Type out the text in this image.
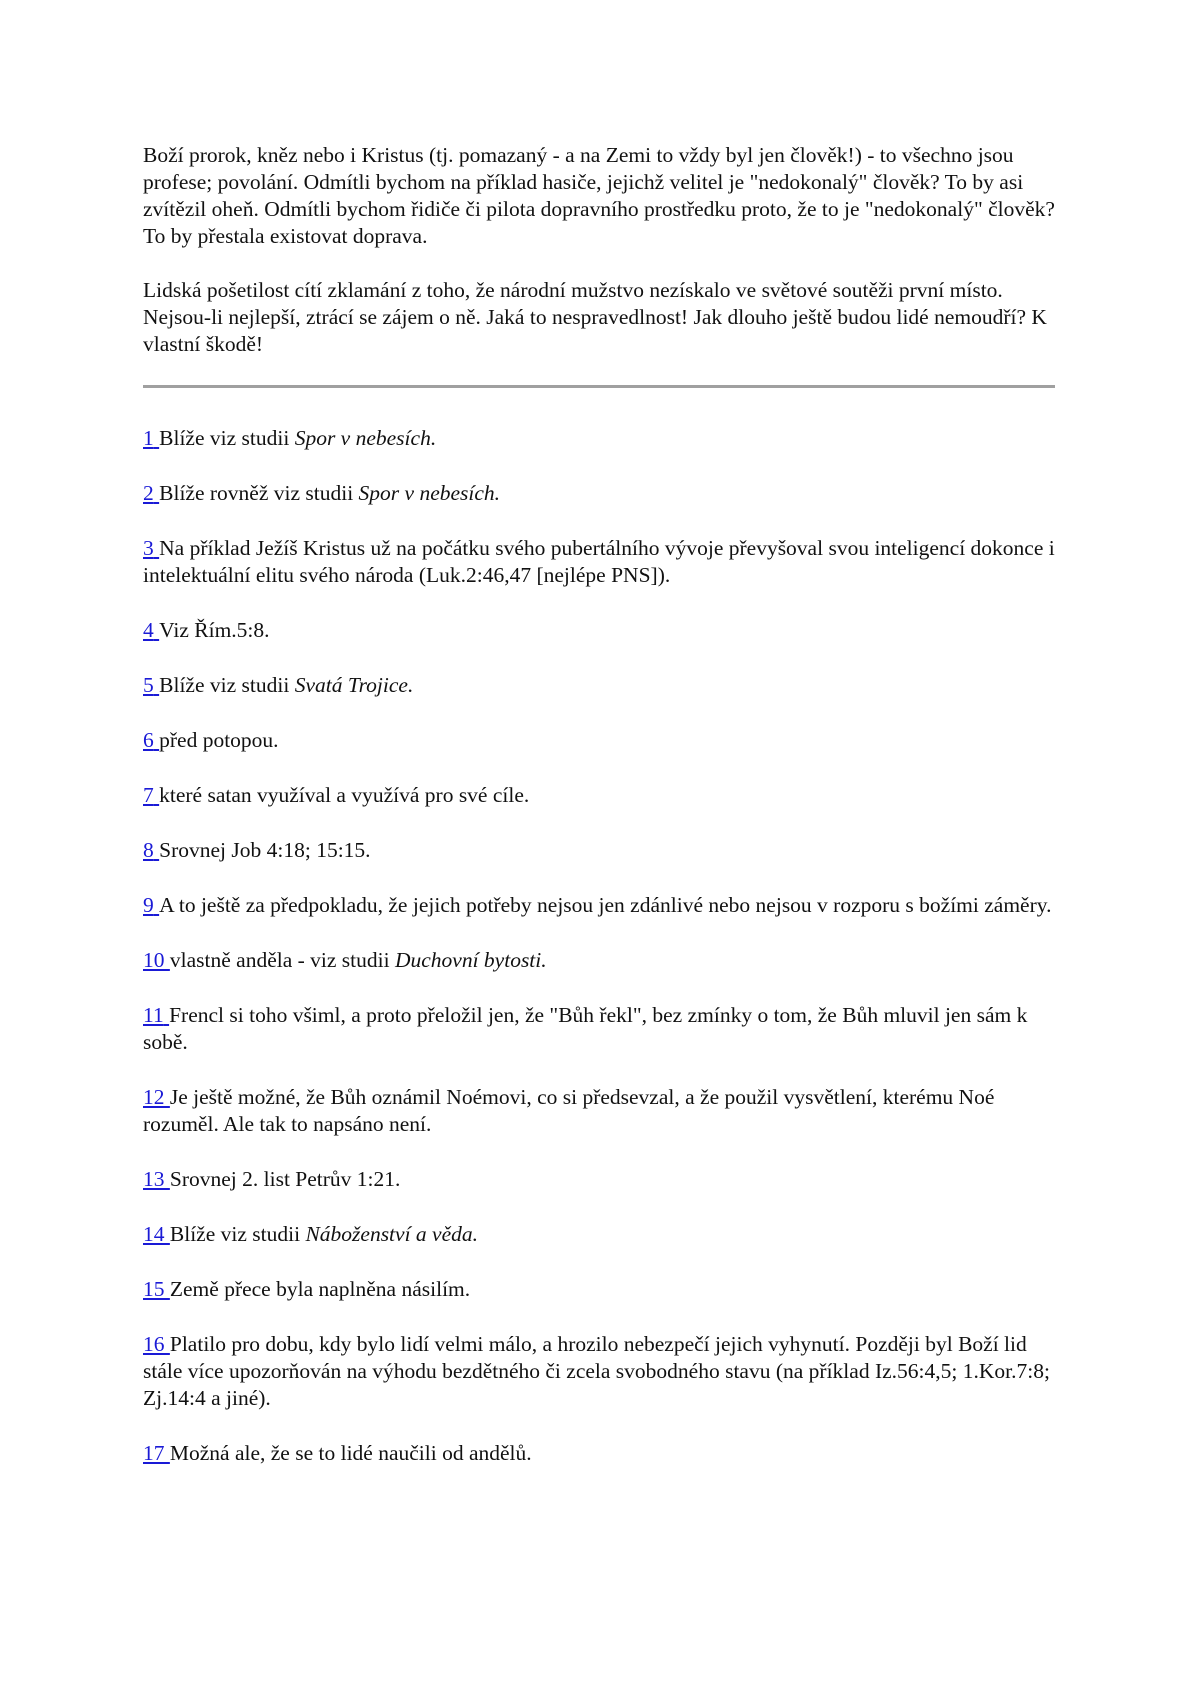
Boží prorok, kněz nebo i Kristus (tj. pomazaný - a na Zemi to vždy byl jen člověk!) - to všechno jsou profese; povolání. Odmítli bychom na příklad hasiče, jejichž velitel je "nedokonalý" člověk? To by asi zvítězil oheň. Odmítli bychom řidiče či pilota dopravního prostředku proto, že to je "nedokonalý" člověk? To by přestala existovat doprava.

Lidská pošetilost cítí zklamání z toho, že národní mužstvo nezískalo ve světové soutěži první místo. Nejsou-li nejlepší, ztrácí se zájem o ně. Jaká to nespravedlnost! Jak dlouho ještě budou lidé nemoudří? K vlastní škodě!

1 Blíže viz studii Spor v nebesích.

2 Blíže rovněž viz studii Spor v nebesích.

3 Na příklad Ježíš Kristus už na počátku svého pubertálního vývoje převyšoval svou inteligencí dokonce i intelektuální elitu svého národa (Luk.2:46,47 [nejlépe PNS]).

4 Viz Řím.5:8.

5 Blíže viz studii Svatá Trojice.

6 před potopou.

7 které satan využíval a využívá pro své cíle.

8 Srovnej Job 4:18; 15:15.

9 A to ještě za předpokladu, že jejich potřeby nejsou jen zdánlivé nebo nejsou v rozporu s božími záměry.

10 vlastně anděla - viz studii Duchovní bytosti.

11 Frencl si toho všiml, a proto přeložil jen, že "Bůh řekl", bez zmínky o tom, že Bůh mluvil jen sám k sobě.

12 Je ještě možné, že Bůh oznámil Noémovi, co si předsevzal, a že použil vysvětlení, kterému Noé rozuměl. Ale tak to napsáno není.

13 Srovnej 2. list Petrův 1:21.

14 Blíže viz studii Náboženství a věda.

15 Země přece byla naplněna násilím.

16 Platilo pro dobu, kdy bylo lidí velmi málo, a hrozilo nebezpečí jejich vyhynutí. Později byl Boží lid stále více upozorňován na výhodu bezdětného či zcela svobodného stavu (na příklad Iz.56:4,5; 1.Kor.7:8; Zj.14:4 a jiné).

17 Možná ale, že se to lidé naučili od andělů.
